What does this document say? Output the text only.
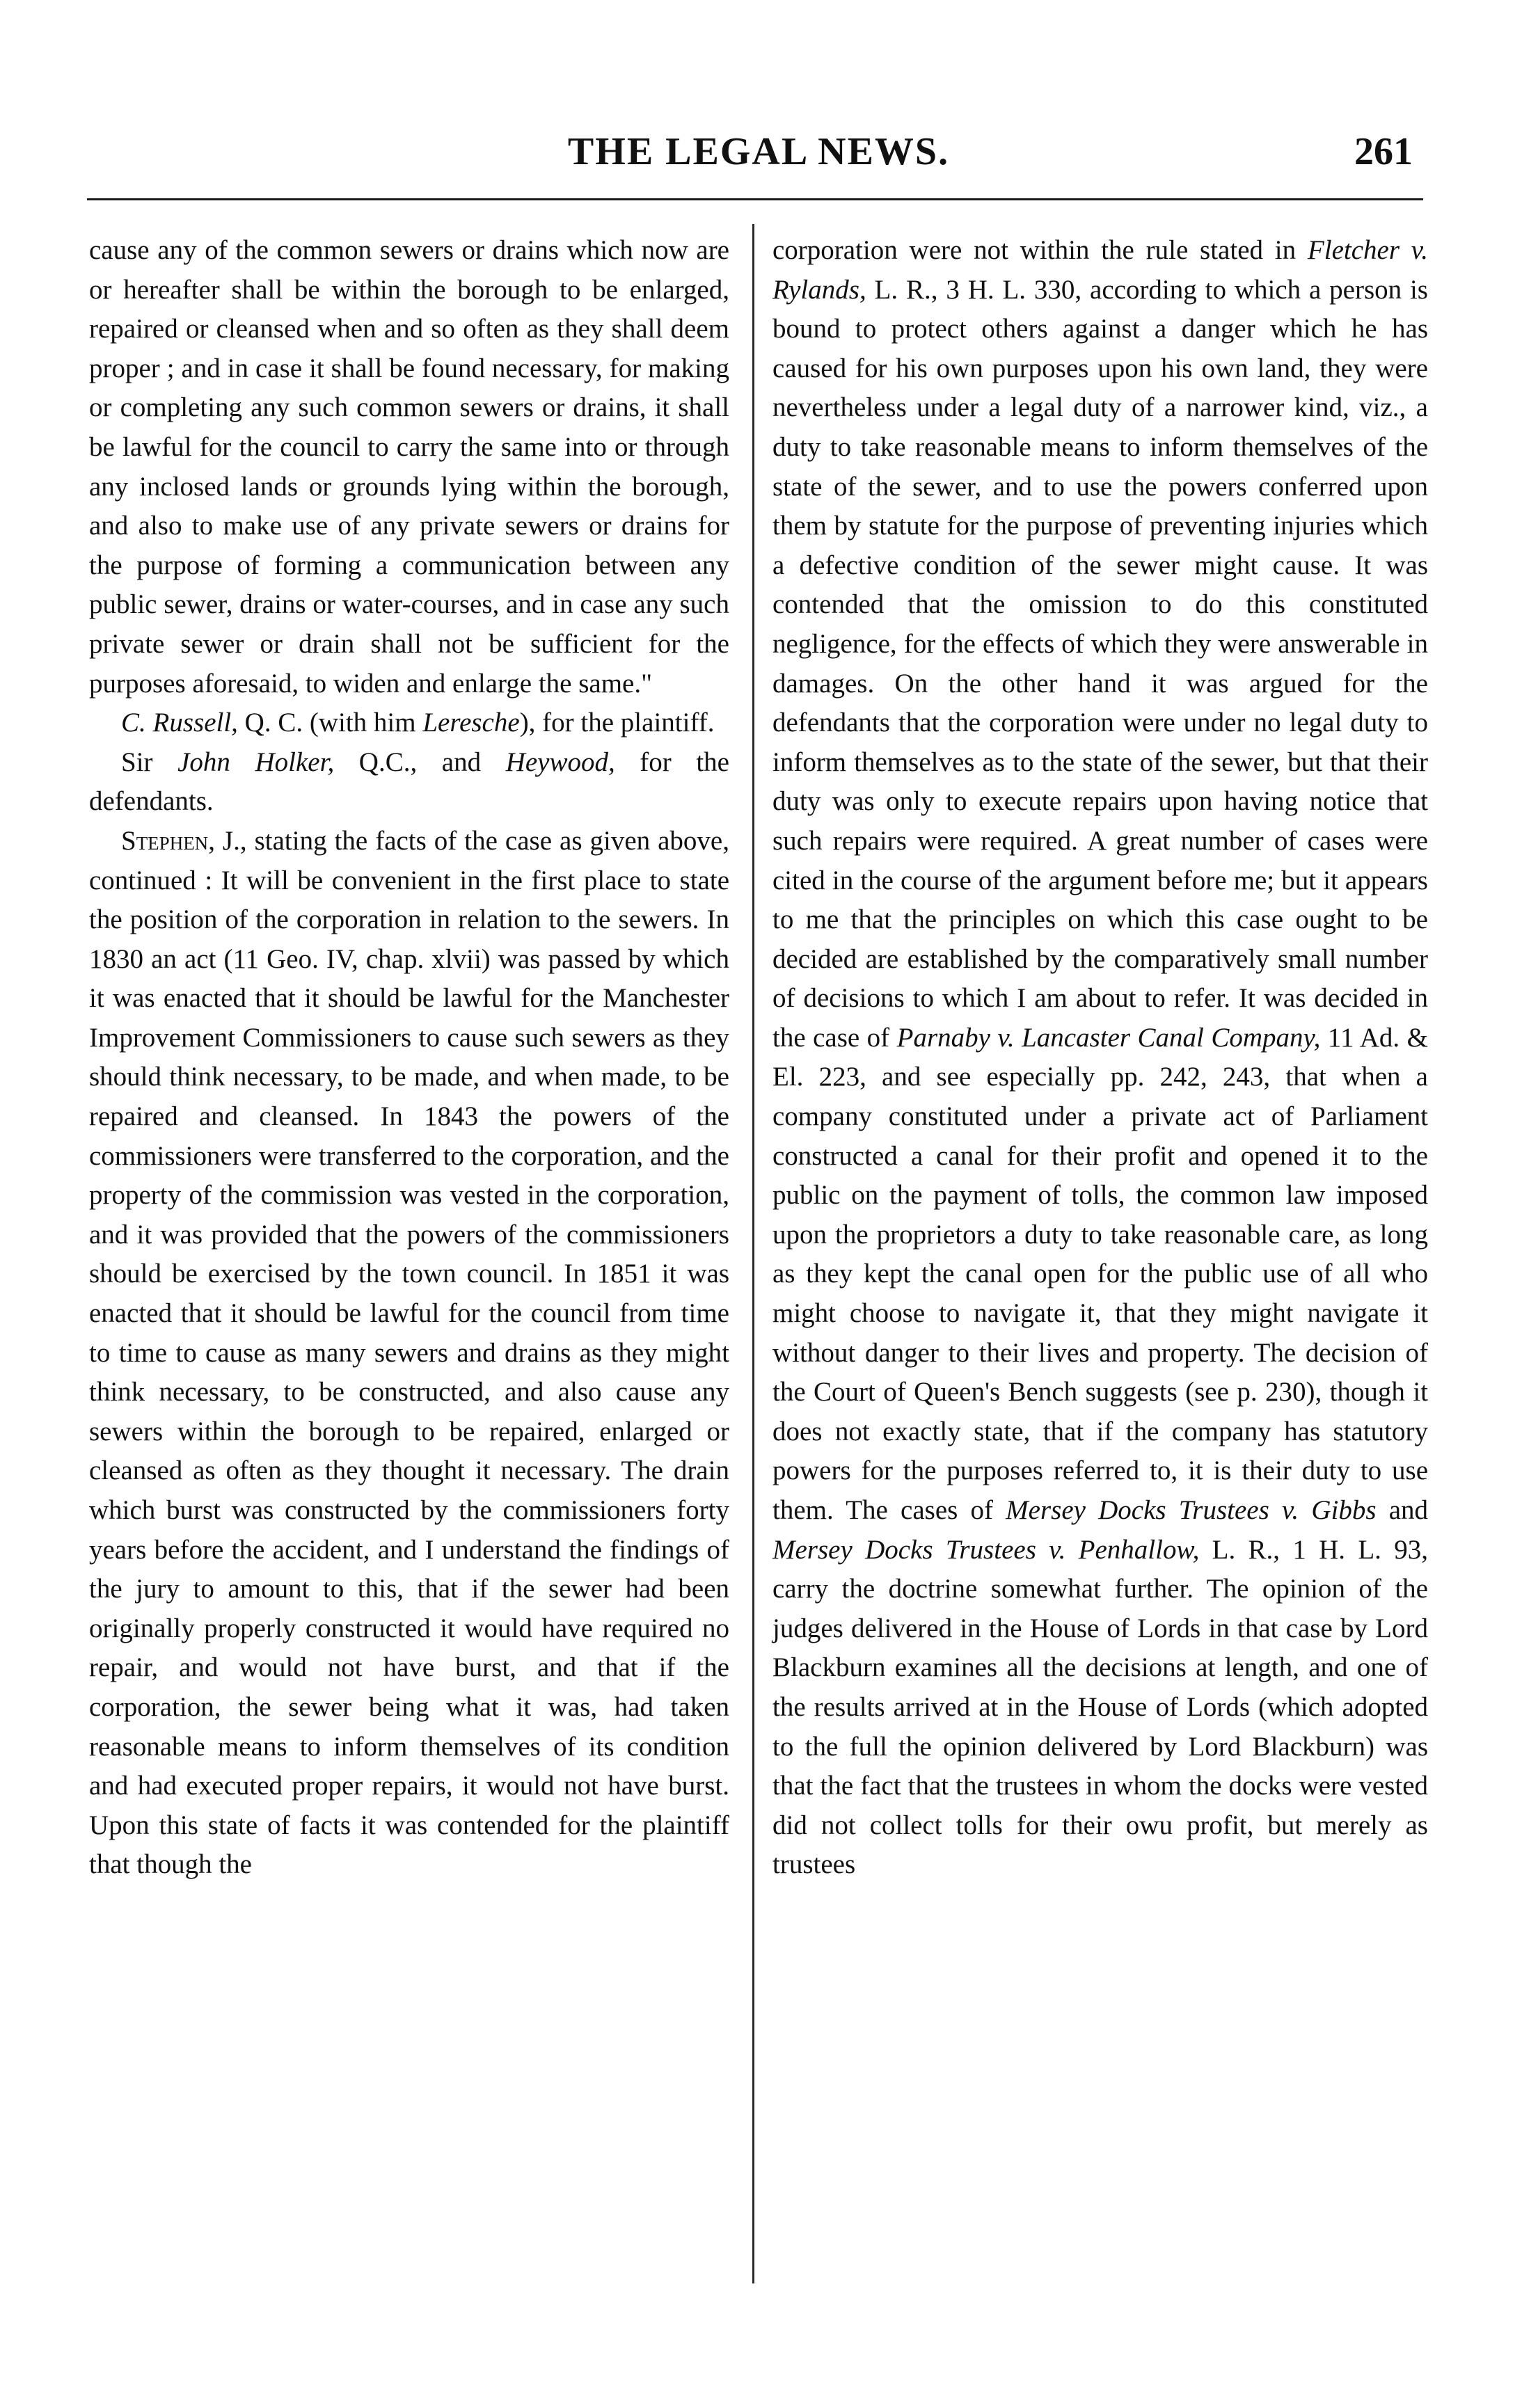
THE LEGAL NEWS.	261

cause any of the common sewers or drains which now are or hereafter shall be within the borough to be enlarged, repaired or cleansed when and so often as they shall deem proper ; and in case it shall be found necessary, for making or completing any such common sewers or drains, it shall be lawful for the council to carry the same into or through any inclosed lands or grounds lying within the borough, and also to make use of any private sewers or drains for the purpose of forming a communication between any public sewer, drains or water-courses, and in case any such private sewer or drain shall not be sufficient for the purposes aforesaid, to widen and enlarge the same."

C. Russell, Q. C. (with him Leresche), for the plaintiff.

Sir John Holker, Q.C., and Heywood, for the defendants.

Stephen, J., stating the facts of the case as given above, continued : It will be convenient in the first place to state the position of the corporation in relation to the sewers. In 1830 an act (11 Geo. IV, chap. xlvii) was passed by which it was enacted that it should be lawful for the Manchester Improvement Commissioners to cause such sewers as they should think necessary, to be made, and when made, to be repaired and cleansed. In 1843 the powers of the commissioners were transferred to the corporation, and the property of the commission was vested in the corporation, and it was provided that the powers of the commissioners should be exercised by the town council. In 1851 it was enacted that it should be lawful for the council from time to time to cause as many sewers and drains as they might think necessary, to be constructed, and also cause any sewers within the borough to be repaired, enlarged or cleansed as often as they thought it necessary. The drain which burst was constructed by the commissioners forty years before the accident, and I understand the findings of the jury to amount to this, that if the sewer had been originally properly constructed it would have required no repair, and would not have burst, and that if the corporation, the sewer being what it was, had taken reasonable means to inform themselves of its condition and had executed proper repairs, it would not have burst. Upon this state of facts it was contended for the plaintiff that though the

corporation were not within the rule stated in Fletcher v. Rylands, L. R., 3 H. L. 330, according to which a person is bound to protect others against a danger which he has caused for his own purposes upon his own land, they were nevertheless under a legal duty of a narrower kind, viz., a duty to take reasonable means to inform themselves of the state of the sewer, and to use the powers conferred upon them by statute for the purpose of preventing injuries which a defective condition of the sewer might cause. It was contended that the omission to do this constituted negligence, for the effects of which they were answerable in damages. On the other hand it was argued for the defendants that the corporation were under no legal duty to inform themselves as to the state of the sewer, but that their duty was only to execute repairs upon having notice that such repairs were required. A great number of cases were cited in the course of the argument before me; but it appears to me that the principles on which this case ought to be decided are established by the comparatively small number of decisions to which I am about to refer. It was decided in the case of Parnaby v. Lancaster Canal Company, 11 Ad. & El. 223, and see especially pp. 242, 243, that when a company constituted under a private act of Parliament constructed a canal for their profit and opened it to the public on the payment of tolls, the common law imposed upon the proprietors a duty to take reasonable care, as long as they kept the canal open for the public use of all who might choose to navigate it, that they might navigate it without danger to their lives and property. The decision of the Court of Queen's Bench suggests (see p. 230), though it does not exactly state, that if the company has statutory powers for the purposes referred to, it is their duty to use them. The cases of Mersey Docks Trustees v. Gibbs and Mersey Docks Trustees v. Penhallow, L. R., 1 H. L. 93, carry the doctrine somewhat further. The opinion of the judges delivered in the House of Lords in that case by Lord Blackburn examines all the decisions at length, and one of the results arrived at in the House of Lords (which adopted to the full the opinion delivered by Lord Blackburn) was that the fact that the trustees in whom the docks were vested did not collect tolls for their owu profit, but merely as trustees
